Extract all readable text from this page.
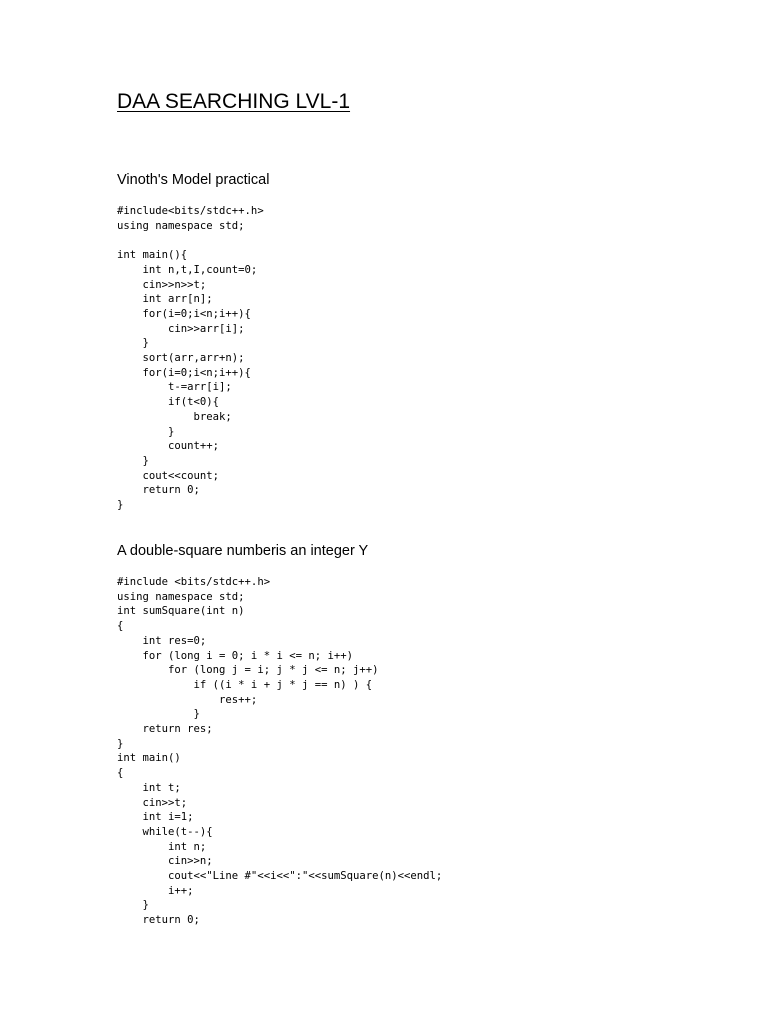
DAA SEARCHING LVL-1
Vinoth's Model practical
#include<bits/stdc++.h>
using namespace std;

int main(){
int n,t,I,count=0;
cin>>n>>t;
int arr[n];
for(i=0;i<n;i++){
cin>>arr[i];
}
sort(arr,arr+n);
for(i=0;i<n;i++){
t-=arr[i];
if(t<0){
break;
}
count++;
}
cout<<count;
return 0;
}
A double-square numberis an integer Y
#include <bits/stdc++.h>
using namespace std;
int sumSquare(int n)
{
int res=0;
for (long i = 0; i * i <= n; i++)
for (long j = i; j * j <= n; j++)
if ((i * i + j * j == n) ) {
res++;
}
return res;
}
int main()
{
int t;
cin>>t;
int i=1;
while(t--){
int n;
cin>>n;
cout<<"Line #"<<i<<":"<<sumSquare(n)<<endl;
i++;
}
return 0;
